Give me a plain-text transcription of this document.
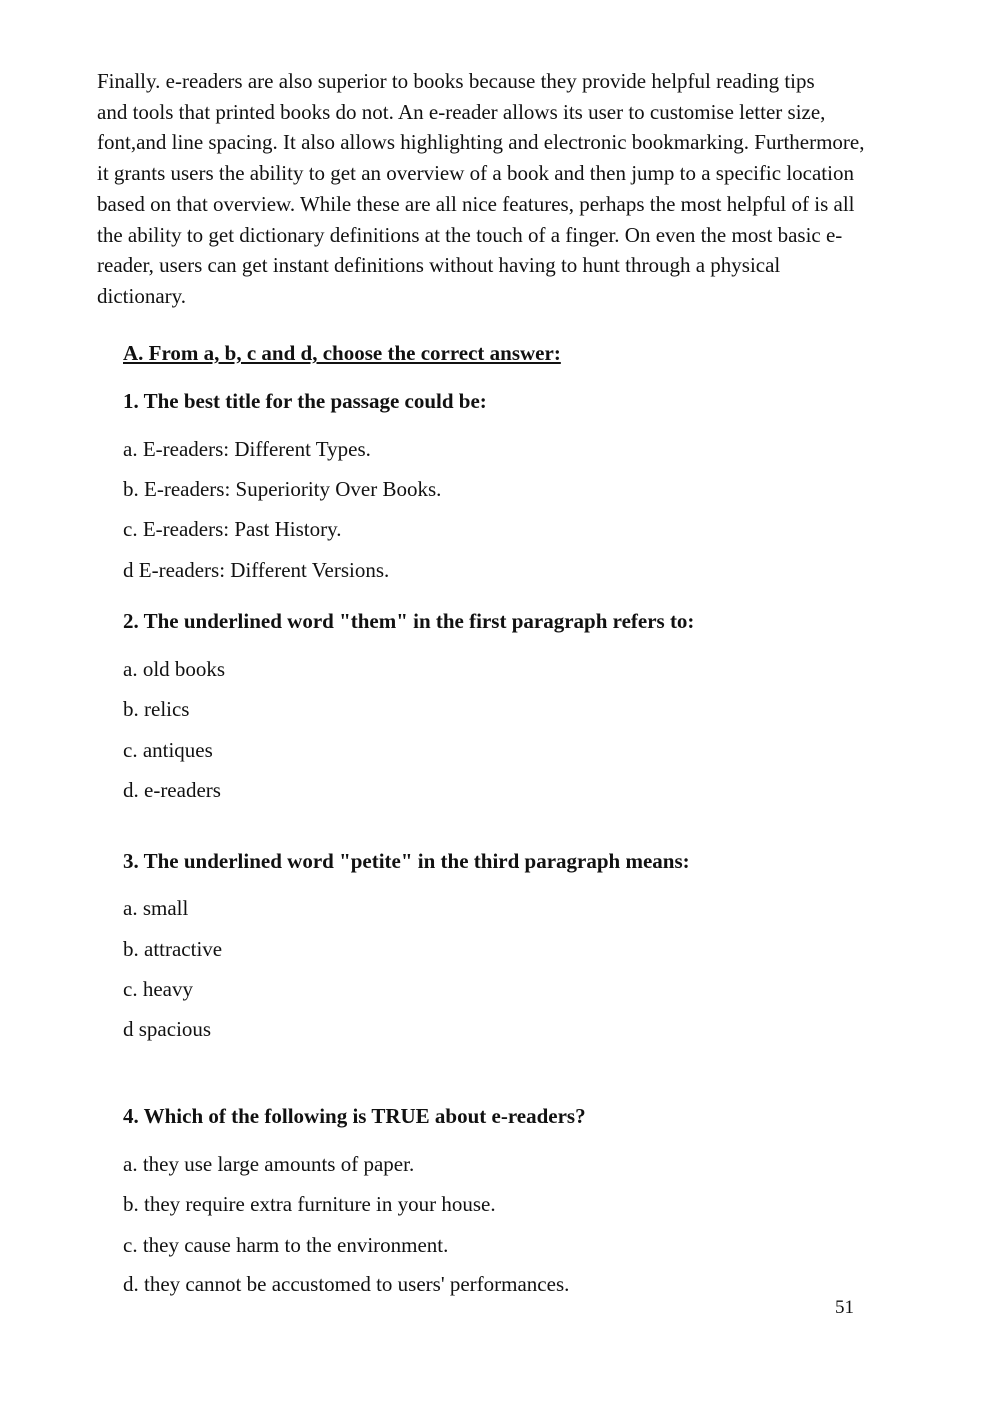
Finally. e-readers are also superior to books because they provide helpful reading tips
and tools that printed books do not. An e-reader allows its user to customise letter size,
font,and line spacing. It also allows highlighting and electronic bookmarking. Furthermore,
it grants users the ability to get an overview of a book and then jump to a specific location
based on that overview. While these are all nice features, perhaps the most helpful of is all
the ability to get dictionary definitions at the touch of a finger. On even the most basic e-
reader, users can get instant definitions without having to hunt through a physical
dictionary.
A. From a, b, c and d, choose the correct answer:
1. The best title for the passage could be:
a. E-readers: Different Types.
b. E-readers: Superiority Over Books.
c. E-readers: Past History.
d E-readers: Different Versions.
2. The underlined word "them" in the first paragraph refers to:
a. old books
b. relics
c. antiques
d. e-readers
3. The underlined word "petite" in the third paragraph means:
a. small
b. attractive
c. heavy
d spacious
4. Which of the following is TRUE about e-readers?
a. they use large amounts of paper.
b. they require extra furniture in your house.
c. they cause harm to the environment.
d. they cannot be accustomed to users' performances.
51
